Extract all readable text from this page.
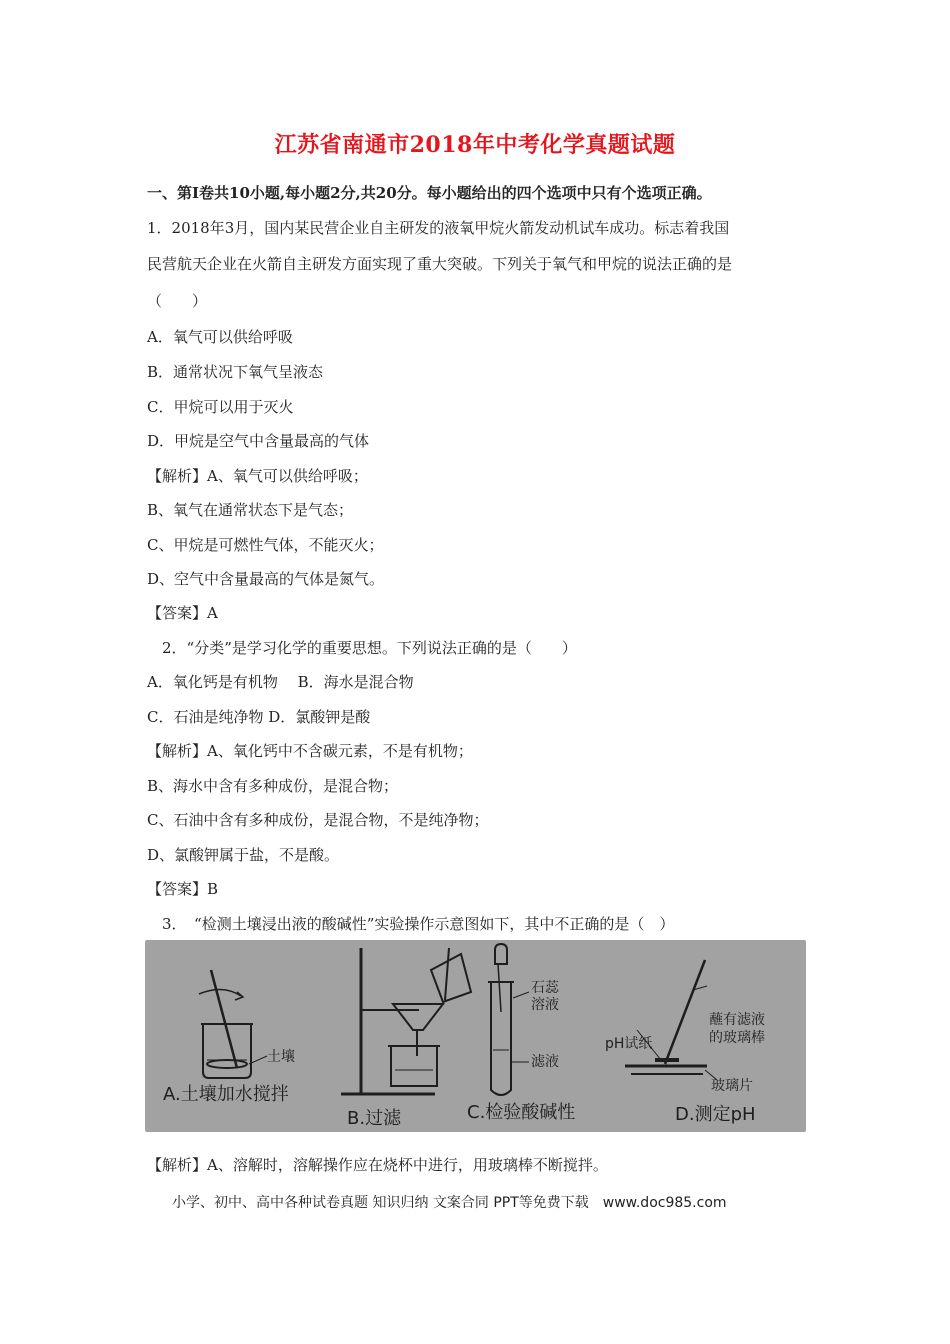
江苏省南通市2018年中考化学真题试题
一、第Ⅰ卷共10小题,每小题2分,共20分。每小题给出的四个选项中只有个选项正确。
1．2018年3月，国内某民营企业自主研发的液氧甲烷火箭发动机试车成功。标志着我国
民营航天企业在火箭自主研发方面实现了重大突破。下列关于氧气和甲烷的说法正确的是
（　　）
A．氧气可以供给呼吸
B．通常状况下氧气呈液态
C．甲烷可以用于灭火
D．甲烷是空气中含量最高的气体
【解析】A、氧气可以供给呼吸；
B、氧气在通常状态下是气态；
C、甲烷是可燃性气体，不能灭火；
D、空气中含量最高的气体是氮气。
【答案】A
2．“分类”是学习化学的重要思想。下列说法正确的是（　　）
A．氧化钙是有机物　 B．海水是混合物
C．石油是纯净物 D．氯酸钾是酸
【解析】A、氧化钙中不含碳元素，不是有机物；
B、海水中含有多种成份，是混合物；
C、石油中含有多种成份，是混合物，不是纯净物；
D、氯酸钾属于盐，不是酸。
【答案】B
3．　“检测土壤浸出液的酸碱性”实验操作示意图如下，其中不正确的是（　）
A.土壤加水搅拌
B.过滤	C.检验酸碱性	D.测定pH
土壤
石蕊
溶液
滤液
pH试纸
蘸有滤液
的玻璃棒
玻璃片
【解析】A、溶解时，溶解操作应在烧杯中进行，用玻璃棒不断搅拌。
小学、初中、高中各种试卷真题 知识归纳 文案合同 PPT等免费下载　www.doc985.com
